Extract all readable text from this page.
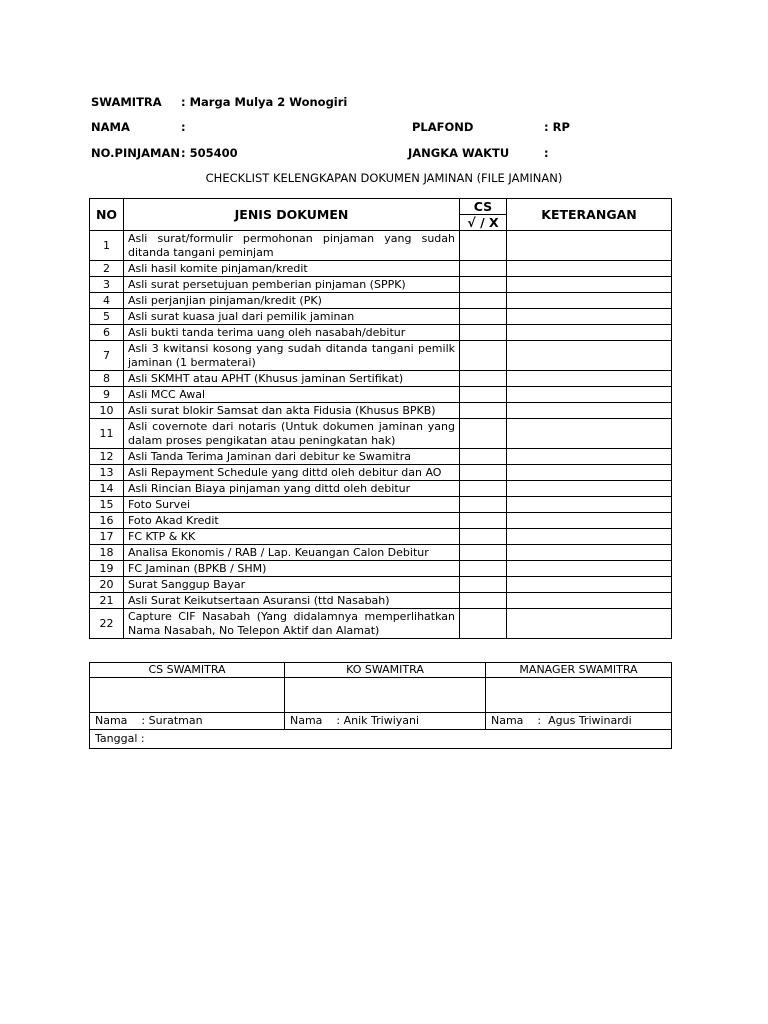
SWAMITRA : Marga Mulya 2 Wonogiri
NAMA	:	PLAFOND	: RP
NO.PINJAMAN : 505400	JANGKA WAKTU	:
CHECKLIST KELENGKAPAN DOKUMEN JAMINAN (FILE JAMINAN)
NO	JENIS DOKUMEN	CS	KETERANGAN
		√ / X	
1	Asli surat/formulir permohonan pinjaman yang sudah ditanda tangani peminjam		
2	Asli hasil komite pinjaman/kredit		
3	Asli surat persetujuan pemberian pinjaman (SPPK)		
4	Asli perjanjian pinjaman/kredit (PK)		
5	Asli surat kuasa jual dari pemilik jaminan		
6	Asli bukti tanda terima uang oleh nasabah/debitur		
7	Asli 3 kwitansi kosong yang sudah ditanda tangani pemilk jaminan (1 bermaterai)		
8	Asli SKMHT atau APHT (Khusus jaminan Sertifikat)		
9	Asli MCC Awal		
10	Asli surat blokir Samsat dan akta Fidusia (Khusus BPKB)		
11	Asli covernote dari notaris (Untuk dokumen jaminan yang dalam proses pengikatan atau peningkatan hak)		
12	Asli Tanda Terima Jaminan dari debitur ke Swamitra		
13	Asli Repayment Schedule yang dittd oleh debitur dan AO		
14	Asli Rincian Biaya pinjaman yang dittd oleh debitur		
15	Foto Survei		
16	Foto Akad Kredit		
17	FC KTP & KK		
18	Analisa Ekonomis / RAB / Lap. Keuangan Calon Debitur		
19	FC Jaminan (BPKB / SHM)		
20	Surat Sanggup Bayar		
21	Asli Surat Keikutsertaan Asuransi (ttd Nasabah)		
22	Capture CIF Nasabah (Yang didalamnya memperlihatkan Nama Nasabah, No Telepon Aktif dan Alamat)		
CS SWAMITRA	KO SWAMITRA	MANAGER SWAMITRA

Nama    : Suratman	Nama    : Anik Triwiyani	Nama    :  Agus Triwinardi
Tanggal :		
